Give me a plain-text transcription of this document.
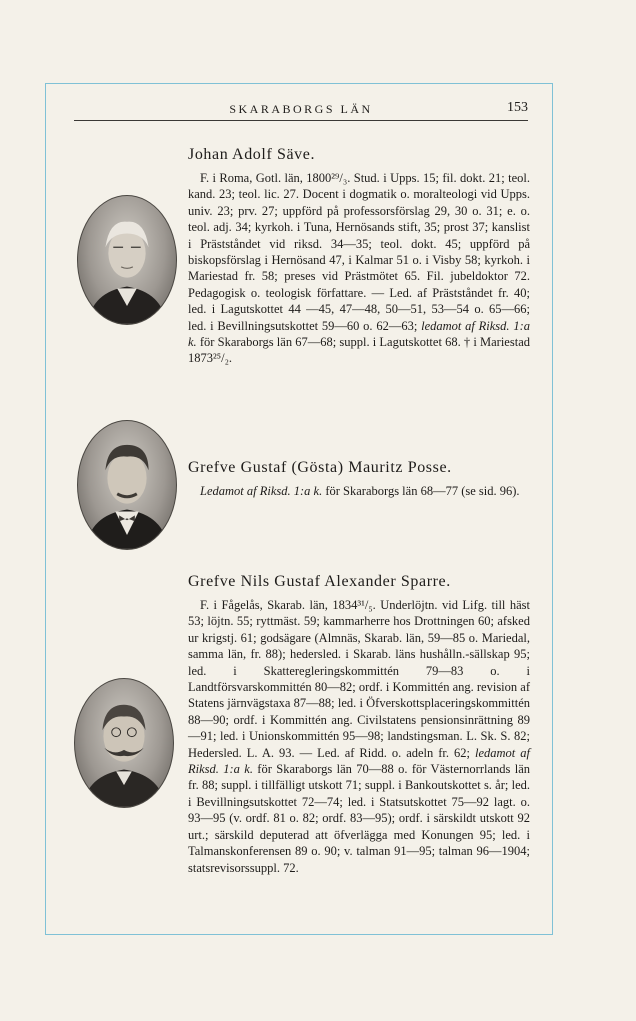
SKARABORGS LÄN	153
Johan Adolf Säve.

F. i Roma, Gotl. län, 1800²⁹/₃. Stud. i Upps. 15; fil. dokt. 21; teol. kand. 23; teol. lic. 27. Docent i dogmatik o. moralteologi vid Upps. univ. 23; prv. 27; uppförd på professorsförslag 29, 30 o. 31; e. o. teol. adj. 34; kyrkoh. i Tuna, Hernösands stift, 35; prost 37; kanslist i Prästståndet vid riksd. 34—35; teol. dokt. 45; uppförd på biskopsförslag i Hernösand 47, i Kalmar 51 o. i Visby 58; kyrkoh. i Mariestad fr. 58; preses vid Prästmötet 65. Fil. jubeldoktor 72. Pedagogisk o. teologisk författare. — Led. af Prästståndet fr. 40; led. i Lagutskottet 44 —45, 47—48, 50—51, 53—54 o. 65—66; led. i Bevillningsutskottet 59—60 o. 62—63; ledamot af Riksd. 1:a k. för Skaraborgs län 67—68; suppl. i Lagutskottet 68. † i Mariestad 1873²⁵/₂.

Grefve Gustaf (Gösta) Mauritz Posse.

Ledamot af Riksd. 1:a k. för Skaraborgs län 68—77 (se sid. 96).

Grefve Nils Gustaf Alexander Sparre.

F. i Fågelås, Skarab. län, 1834³¹/₅. Underlöjtn. vid Lifg. till häst 53; löjtn. 55; ryttmäst. 59; kammarherre hos Drottningen 60; afsked ur krigstj. 61; godsägare (Almnäs, Skarab. län, 59—85 o. Mariedal, samma län, fr. 88); hedersled. i Skarab. läns hushålln.-sällskap 95; led. i Skatteregleringskommittén 79—83 o. i Landtförsvarskommittén 80—82; ordf. i Kommittén ang. revision af Statens järnvägstaxa 87—88; led. i Öfverskottsplaceringskommittén 88—90; ordf. i Kommittén ang. Civilstatens pensionsinrättning 89—91; led. i Unionskommittén 95—98; landstingsman. L. Sk. S. 82; Hedersled. L. A. 93. — Led. af Ridd. o. adeln fr. 62; ledamot af Riksd. 1:a k. för Skaraborgs län 70—88 o. för Västernorrlands län fr. 88; suppl. i tillfälligt utskott 71; suppl. i Bankoutskottet s. år; led. i Bevillningsutskottet 72—74; led. i Statsutskottet 75—92 lagt. o. 93—95 (v. ordf. 81 o. 82; ordf. 83—95); ordf. i särskildt utskott 92 urt.; särskild deputerad att öfverlägga med Konungen 95; led. i Talmanskonferensen 89 o. 90; v. talman 91—95; talman 96—1904; statsrevisorssuppl. 72.
